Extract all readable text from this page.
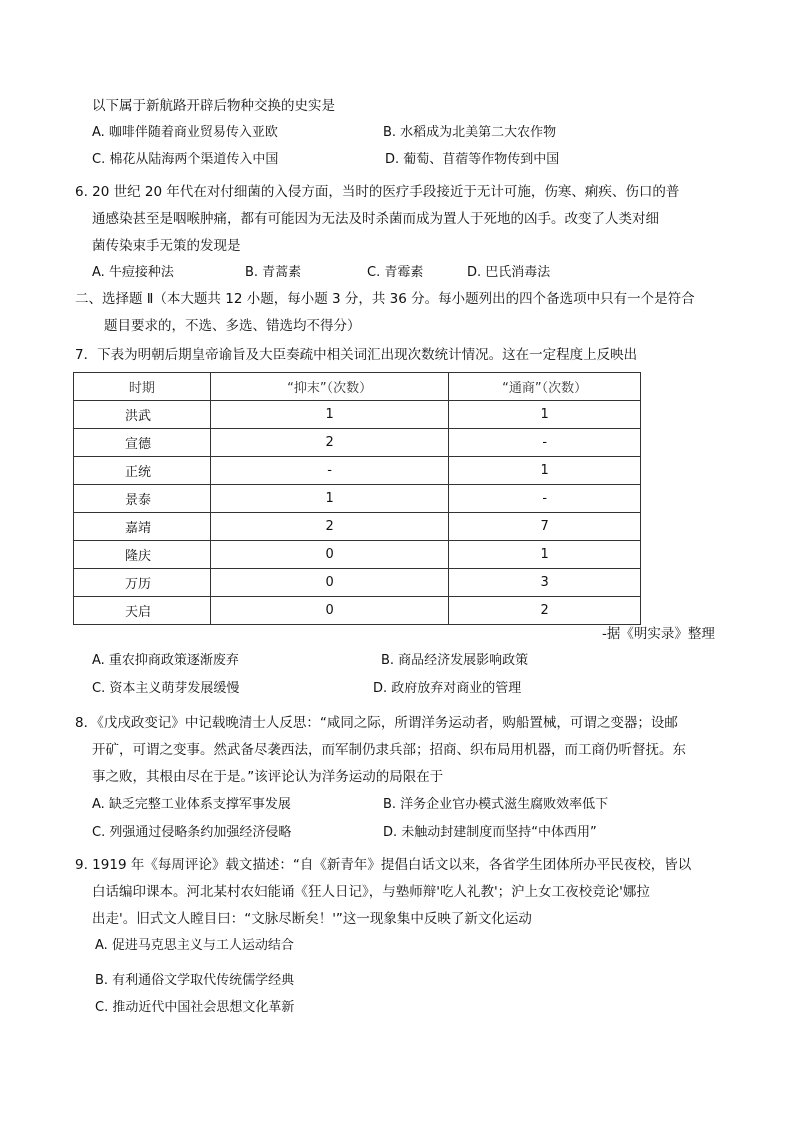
以下属于新航路开辟后物种交换的史实是
A. 咖啡伴随着商业贸易传入亚欧	B. 水稻成为北美第二大农作物
C. 棉花从陆海两个渠道传入中国	D. 葡萄、苜蓿等作物传到中国
6. 20 世纪 20 年代在对付细菌的入侵方面，当时的医疗手段接近于无计可施，伤寒、痢疾、伤口的普
通感染甚至是咽喉肿痛，都有可能因为无法及时杀菌而成为置人于死地的凶手。改变了人类对细
菌传染束手无策的发现是
A. 牛痘接种法	B. 青蒿素	C. 青霉素	D. 巴氏消毒法
二、选择题 Ⅱ（本大题共 12 小题，每小题 3 分，共 36 分。每小题列出的四个备选项中只有一个是符合
题目要求的，不选、多选、错选均不得分）
7．下表为明朝后期皇帝谕旨及大臣奏疏中相关词汇出现次数统计情况。这在一定程度上反映出
时期	“抑末”（次数）	“通商”（次数）
洪武	1	1
宣德	2	-
正统	-	1
景泰	1	-
嘉靖	2	7
隆庆	0	1
万历	0	3
天启	0	2
-据《明实录》整理
A. 重农抑商政策逐渐废弃	B. 商品经济发展影响政策
C. 资本主义萌芽发展缓慢	D. 政府放弃对商业的管理
8．《戊戌政变记》中记载晚清士人反思：“咸同之际，所谓洋务运动者，购船置械，可谓之变器；设邮
开矿，可谓之变事。然武备尽袭西法，而军制仍隶兵部；招商、织布局用机器，而工商仍听督抚。东
事之败，其根由尽在于是。”该评论认为洋务运动的局限在于
A. 缺乏完整工业体系支撑军事发展	B. 洋务企业官办模式滋生腐败效率低下
C. 列强通过侵略条约加强经济侵略	D. 未触动封建制度而坚持“中体西用”
9. 1919 年《每周评论》载文描述：“自《新青年》提倡白话文以来，各省学生团体所办平民夜校，皆以
白话编印课本。河北某村农妇能诵《狂人日记》，与塾师辩'吃人礼教'；沪上女工夜校竞论'娜拉
出走'。旧式文人瞠目曰：“文脉尽断矣！'”这一现象集中反映了新文化运动
A. 促进马克思主义与工人运动结合
B. 有利通俗文学取代传统儒学经典
C. 推动近代中国社会思想文化革新
